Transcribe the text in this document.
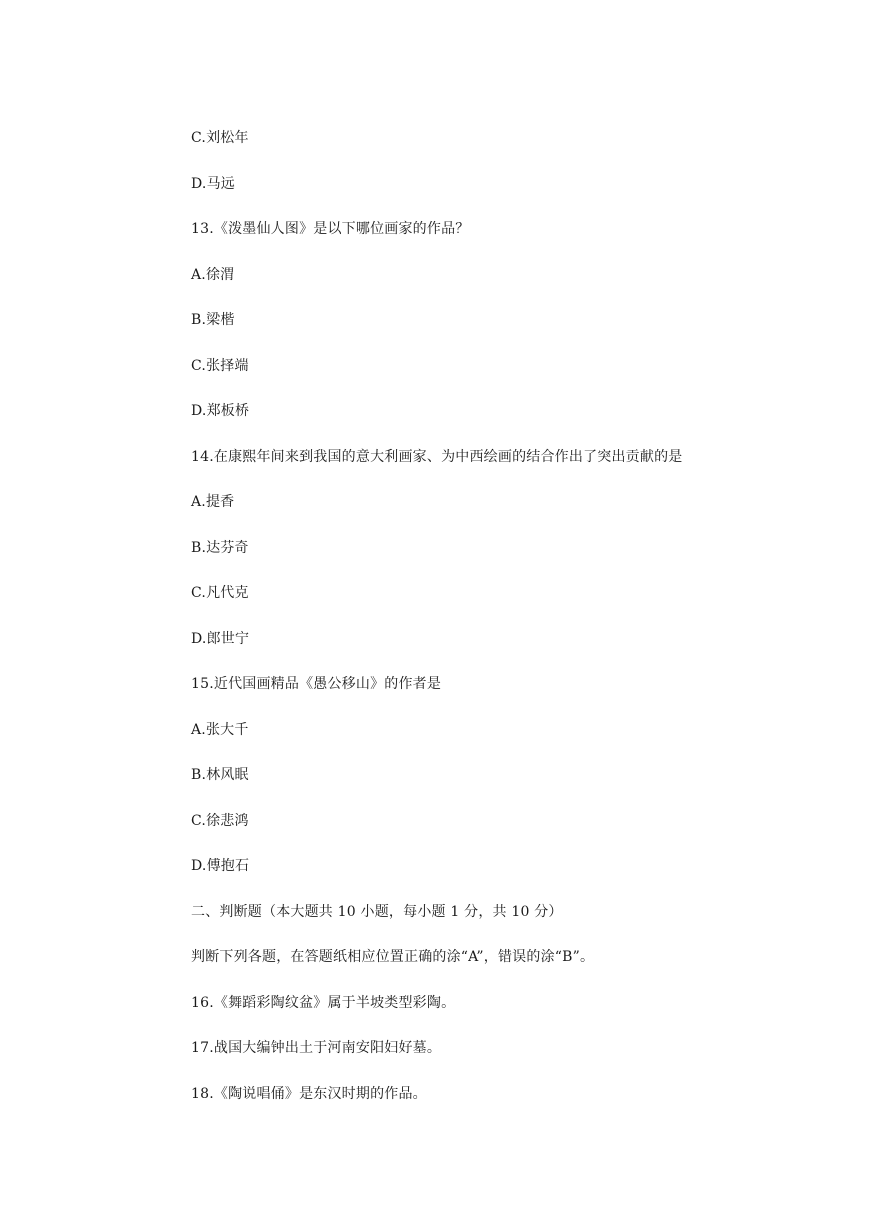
C.刘松年
D.马远
13.《泼墨仙人图》是以下哪位画家的作品？
A.徐渭
B.梁楷
C.张择端
D.郑板桥
14.在康熙年间来到我国的意大利画家、为中西绘画的结合作出了突出贡献的是
A.提香
B.达芬奇
C.凡代克
D.郎世宁
15.近代国画精品《愚公移山》的作者是
A.张大千
B.林风眠
C.徐悲鸿
D.傅抱石
二、判断题（本大题共 10 小题，每小题 1 分，共 10 分）
判断下列各题，在答题纸相应位置正确的涂“A”，错误的涂“B”。
16.《舞蹈彩陶纹盆》属于半坡类型彩陶。
17.战国大编钟出土于河南安阳妇好墓。
18.《陶说唱俑》是东汉时期的作品。
